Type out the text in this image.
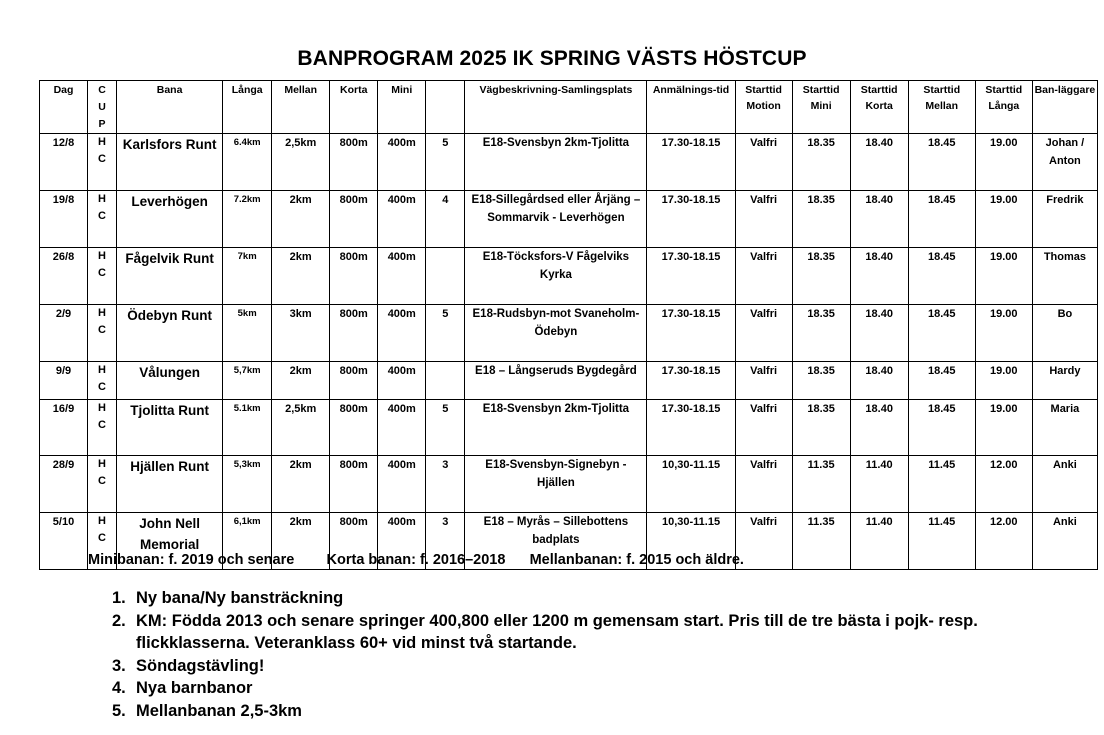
BANPROGRAM 2025 IK SPRING VÄSTS HÖSTCUP
Dag	CUP	Bana	Långa	Mellan	Korta	Mini		Vägbeskrivning-Samlingsplats	Anmälnings-tid	Starttid Motion	Starttid Mini	Starttid Korta	Starttid Mellan	Starttid Långa	Ban-läggare
12/8	HC	Karlsfors Runt	6.4km	2,5km	800m	400m	5	E18-Svensbyn 2km-Tjolitta	17.30-18.15	Valfri	18.35	18.40	18.45	19.00	Johan / Anton
19/8	HC	Leverhögen	7.2km	2km	800m	400m	4	E18-Sillegårdsed eller Årjäng – Sommarvik - Leverhögen	17.30-18.15	Valfri	18.35	18.40	18.45	19.00	Fredrik
26/8	HC	Fågelvik Runt	7km	2km	800m	400m		E18-Töcksfors-V Fågelviks Kyrka	17.30-18.15	Valfri	18.35	18.40	18.45	19.00	Thomas
2/9	HC	Ödebyn Runt	5km	3km	800m	400m	5	E18-Rudsbyn-mot Svaneholm-Ödebyn	17.30-18.15	Valfri	18.35	18.40	18.45	19.00	Bo
9/9	HC	Vålungen	5,7km	2km	800m	400m		E18 – Långseruds Bygdegård	17.30-18.15	Valfri	18.35	18.40	18.45	19.00	Hardy
16/9	HC	Tjolitta Runt	5.1km	2,5km	800m	400m	5	E18-Svensbyn 2km-Tjolitta	17.30-18.15	Valfri	18.35	18.40	18.45	19.00	Maria
28/9	HC	Hjällen Runt	5,3km	2km	800m	400m	3	E18-Svensbyn-Signebyn - Hjällen	10,30-11.15	Valfri	11.35	11.40	11.45	12.00	Anki
5/10	HC	John Nell Memorial	6,1km	2km	800m	400m	3	E18 – Myrås – Sillebottens badplats	10,30-11.15	Valfri	11.35	11.40	11.45	12.00	Anki
Minibanan: f. 2019 och senare        Korta banan: f. 2016–2018      Mellanbanan: f. 2015 och äldre.
1. Ny bana/Ny bansträckning
2. KM: Födda 2013 och senare springer 400,800 eller 1200 m gemensam start. Pris till de tre bästa i pojk- resp. flickklasserna. Veteranklass 60+ vid minst två startande.
3. Söndagstävling!
4. Nya barnbanor
5. Mellanbanan 2,5-3km
